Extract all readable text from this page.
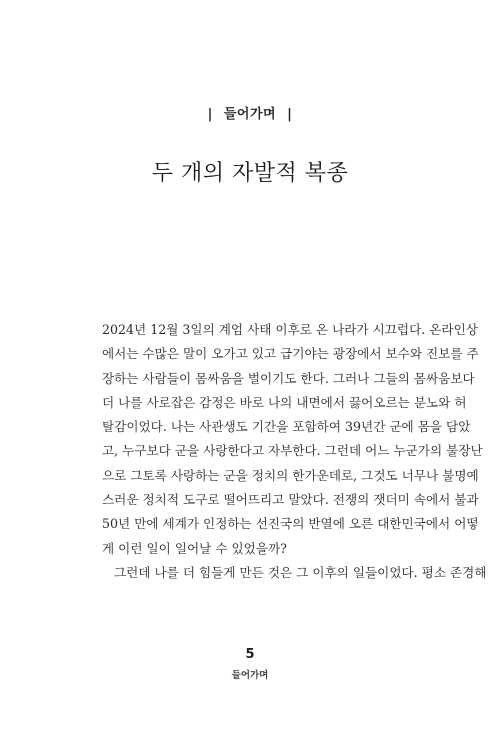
| 들어가며 |
두 개의 자발적 복종
2024년 12월 3일의 계엄 사태 이후로 온 나라가 시끄럽다. 온라인상
에서는 수많은 말이 오가고 있고 급기야는 광장에서 보수와 진보를 주
장하는 사람들이 몸싸움을 벌이기도 한다. 그러나 그들의 몸싸움보다
더 나를 사로잡은 감정은 바로 나의 내면에서 끓어오르는 분노와 허
탈감이었다. 나는 사관생도 기간을 포함하여 39년간 군에 몸을 담았
고, 누구보다 군을 사랑한다고 자부한다. 그런데 어느 누군가의 불장난
으로 그토록 사랑하는 군을 정치의 한가운데로, 그것도 너무나 불명예
스러운 정치적 도구로 떨어뜨리고 말았다. 전쟁의 잿더미 속에서 불과
50년 만에 세계가 인정하는 선진국의 반열에 오른 대한민국에서 어떻
게 이런 일이 일어날 수 있었을까?
그런데 나를 더 힘들게 만든 것은 그 이후의 일들이었다. 평소 존경해
5
들어가며
